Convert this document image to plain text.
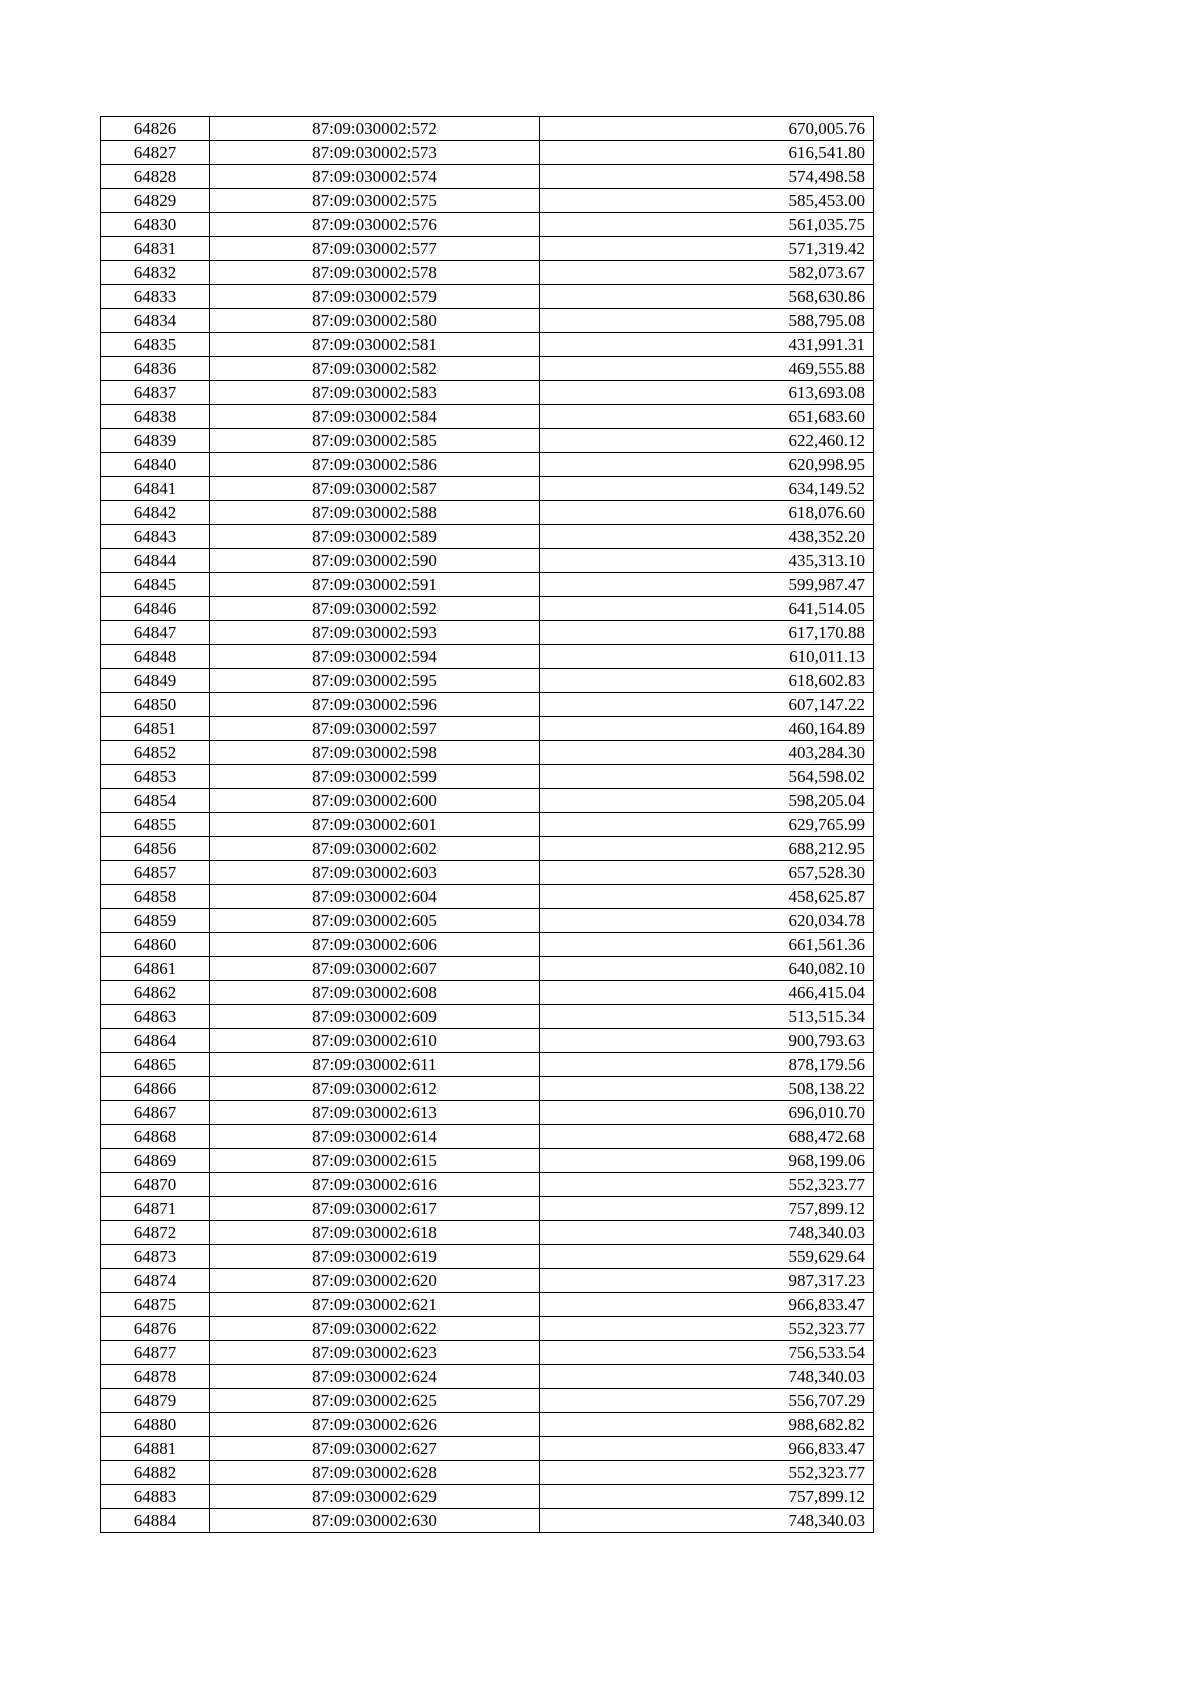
64826	87:09:030002:572	670,005.76
64827	87:09:030002:573	616,541.80
64828	87:09:030002:574	574,498.58
64829	87:09:030002:575	585,453.00
64830	87:09:030002:576	561,035.75
64831	87:09:030002:577	571,319.42
64832	87:09:030002:578	582,073.67
64833	87:09:030002:579	568,630.86
64834	87:09:030002:580	588,795.08
64835	87:09:030002:581	431,991.31
64836	87:09:030002:582	469,555.88
64837	87:09:030002:583	613,693.08
64838	87:09:030002:584	651,683.60
64839	87:09:030002:585	622,460.12
64840	87:09:030002:586	620,998.95
64841	87:09:030002:587	634,149.52
64842	87:09:030002:588	618,076.60
64843	87:09:030002:589	438,352.20
64844	87:09:030002:590	435,313.10
64845	87:09:030002:591	599,987.47
64846	87:09:030002:592	641,514.05
64847	87:09:030002:593	617,170.88
64848	87:09:030002:594	610,011.13
64849	87:09:030002:595	618,602.83
64850	87:09:030002:596	607,147.22
64851	87:09:030002:597	460,164.89
64852	87:09:030002:598	403,284.30
64853	87:09:030002:599	564,598.02
64854	87:09:030002:600	598,205.04
64855	87:09:030002:601	629,765.99
64856	87:09:030002:602	688,212.95
64857	87:09:030002:603	657,528.30
64858	87:09:030002:604	458,625.87
64859	87:09:030002:605	620,034.78
64860	87:09:030002:606	661,561.36
64861	87:09:030002:607	640,082.10
64862	87:09:030002:608	466,415.04
64863	87:09:030002:609	513,515.34
64864	87:09:030002:610	900,793.63
64865	87:09:030002:611	878,179.56
64866	87:09:030002:612	508,138.22
64867	87:09:030002:613	696,010.70
64868	87:09:030002:614	688,472.68
64869	87:09:030002:615	968,199.06
64870	87:09:030002:616	552,323.77
64871	87:09:030002:617	757,899.12
64872	87:09:030002:618	748,340.03
64873	87:09:030002:619	559,629.64
64874	87:09:030002:620	987,317.23
64875	87:09:030002:621	966,833.47
64876	87:09:030002:622	552,323.77
64877	87:09:030002:623	756,533.54
64878	87:09:030002:624	748,340.03
64879	87:09:030002:625	556,707.29
64880	87:09:030002:626	988,682.82
64881	87:09:030002:627	966,833.47
64882	87:09:030002:628	552,323.77
64883	87:09:030002:629	757,899.12
64884	87:09:030002:630	748,340.03
